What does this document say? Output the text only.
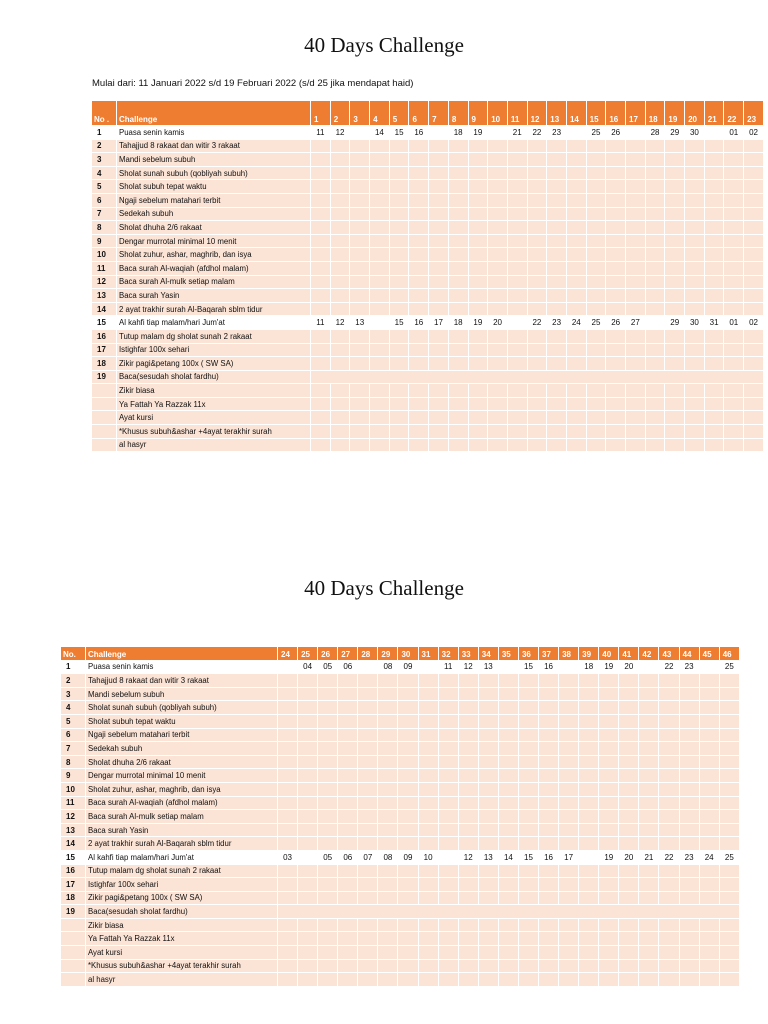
40 Days Challenge
Mulai dari: 11 Januari 2022 s/d 19 Februari 2022 (s/d 25 jika mendapat haid)
No .	Challenge	1	2	3	4	5	6	7	8	9	10	11	12	13	14	15	16	17	18	19	20	21	22	23
1	Puasa senin kamis	11	12		14	15	16		18	19		21	22	23		25	26		28	29	30		01	02
2	Tahajjud 8 rakaat dan witir 3 rakaat																							
3	Mandi sebelum subuh																							
4	Sholat sunah subuh (qobliyah subuh)																							
5	Sholat subuh tepat waktu																							
6	Ngaji sebelum matahari terbit																							
7	Sedekah subuh																							
8	Sholat dhuha 2/6 rakaat																							
9	Dengar murrotal minimal 10 menit																							
10	Sholat zuhur, ashar, maghrib, dan isya																							
11	Baca surah Al-waqiah (afdhol malam)																							
12	Baca surah Al-mulk setiap malam																							
13	Baca surah Yasin																							
14	2 ayat trakhir surah Al-Baqarah sblm tidur																							
15	Al kahfi tiap malam/hari Jum'at	11	12	13		15	16	17	18	19	20		22	23	24	25	26	27		29	30	31	01	02
16	Tutup malam dg sholat sunah 2 rakaat																							
17	Istighfar 100x sehari																							
18	Zikir pagi&petang 100x ( SW SA)																							
19	Baca(sesudah sholat fardhu)																							
	Zikir biasa																							
	Ya Fattah Ya Razzak 11x																							
	Ayat kursi																							
	*Khusus subuh&ashar +4ayat terakhir surah																							
	al hasyr																							
40 Days Challenge
No.	Challenge	24	25	26	27	28	29	30	31	32	33	34	35	36	37	38	39	40	41	42	43	44	45	46
1	Puasa senin kamis		04	05	06		08	09		11	12	13		15	16		18	19	20		22	23		25
2	Tahajjud 8 rakaat dan witir 3 rakaat																							
3	Mandi sebelum subuh																							
4	Sholat sunah subuh (qobliyah subuh)																							
5	Sholat subuh tepat waktu																							
6	Ngaji sebelum matahari terbit																							
7	Sedekah subuh																							
8	Sholat dhuha 2/6 rakaat																							
9	Dengar murrotal minimal 10 menit																							
10	Sholat zuhur, ashar, maghrib, dan isya																							
11	Baca surah Al-waqiah (afdhol malam)																							
12	Baca surah Al-mulk setiap malam																							
13	Baca surah Yasin																							
14	2 ayat trakhir surah Al-Baqarah sblm tidur																							
15	Al kahfi tiap malam/hari Jum'at	03		05	06	07	08	09	10		12	13	14	15	16	17		19	20	21	22	23	24	25
16	Tutup malam dg sholat sunah 2 rakaat																							
17	Istighfar 100x sehari																							
18	Zikir pagi&petang 100x ( SW SA)																							
19	Baca(sesudah sholat fardhu)																							
	Zikir biasa																							
	Ya Fattah Ya Razzak 11x																							
	Ayat kursi																							
	*Khusus subuh&ashar +4ayat terakhir surah																							
	al hasyr																							
